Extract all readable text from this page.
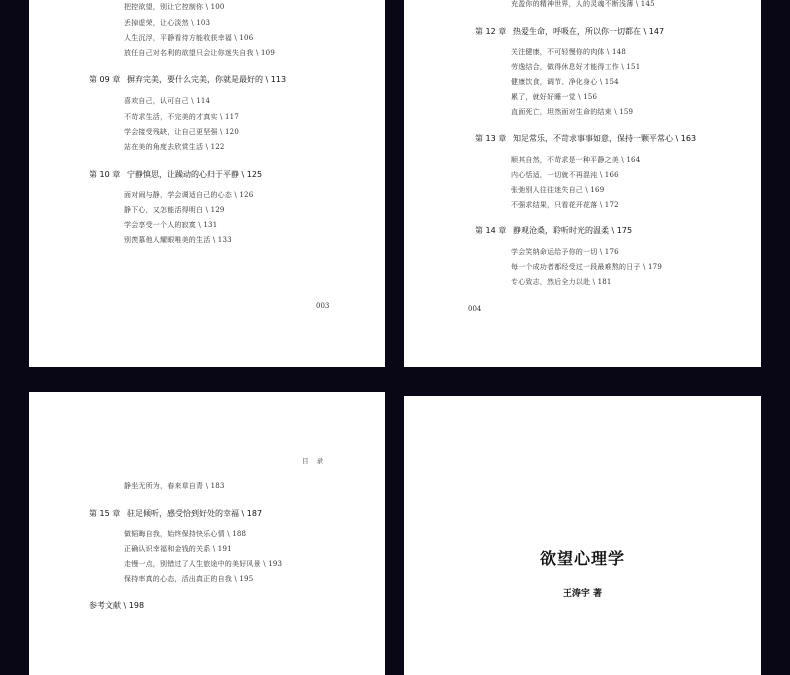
把控欲望，别让它控制你 \ 100
丢掉虚荣，让心淡然 \ 103
人生沉浮，平静看待方能收获幸福 \ 106
放任自己对名利的欲望只会让你迷失自我 \ 109
第 09 章 摒弃完美，要什么完美，你就是最好的 \ 113
喜欢自己，认可自己 \ 114
不苛求生活，不完美的才真实 \ 117
学会接受残缺，让自己更坚强 \ 120
站在美的角度去欣赏生活 \ 122
第 10 章 宁静慎思，让躁动的心归于平静 \ 125
面对闹与静，学会调适自己的心态 \ 126
静下心，又怎能活得明白 \ 129
学会享受一个人的寂寞 \ 131
别羡慕他人耀眼唯美的生活 \ 133
003
充盈你的精神世界，人的灵魂不断浅薄 \ 145
第 12 章 热爱生命，呼吸在，所以你一切都在 \ 147
关注健康，不可轻慢你的肉体 \ 148
劳逸结合，做得休息好才能得工作 \ 151
健康饮食，调节、净化身心 \ 154
累了，就好好睡一觉 \ 156
直面死亡，坦然面对生命的结束 \ 159
第 13 章 知足常乐，不苛求事事如意，保持一颗平常心 \ 163
顺其自然，不苛求是一种平静之美 \ 164
内心恬适，一切就不再混沌 \ 166
张弛别人往往迷失自己 \ 169
不强求结果，只看花开花落 \ 172
第 14 章 静观沧桑，聆听时光的温柔 \ 175
学会笑纳命运给予你的一切 \ 176
每一个成功者都经受过一段最难熬的日子 \ 179
专心致志，然后全力以赴 \ 181
004
目 录
静坐无所为，春来草自青 \ 183
第 15 章 驻足倾听，感受恰到好处的幸福 \ 187
做韬晦自我，始终保持快乐心情 \ 188
正确认识幸福和金钱的关系 \ 191
走慢一点，别错过了人生旅途中的美好风景 \ 193
保持率真的心态，活出真正的自我 \ 195
参考文献 \ 198
欲望心理学
王涛宇 著
